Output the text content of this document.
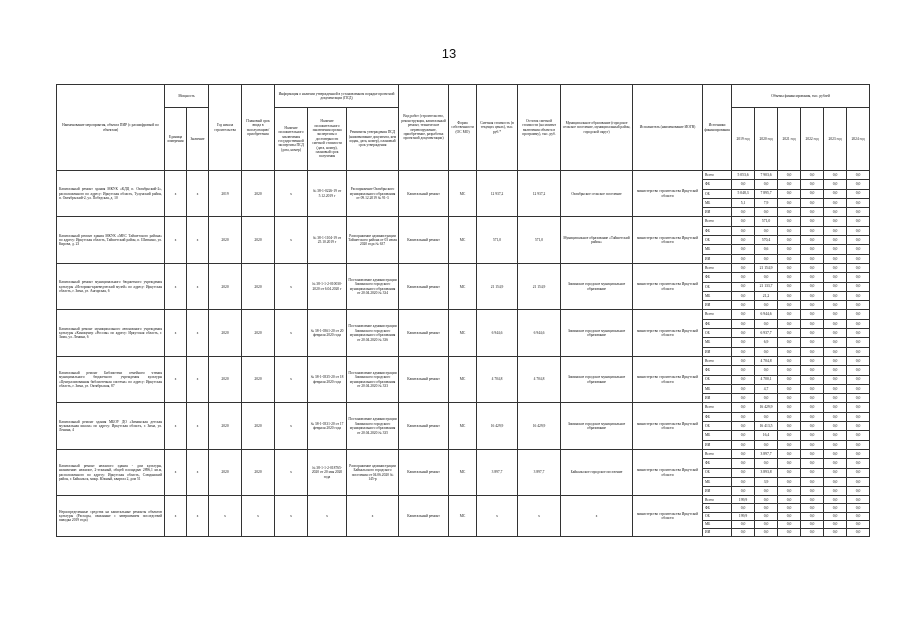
13
Наименование мероприятия, объекта ПИР (с расшифровкой по объектам)	Мощность		Год начала строительства	Плановый срок ввода в эксплуатацию/ приобретения	Информация о наличии утвержденной в установленном порядке проектной документации (ПСД)			Вид работ (строительство, реконструкция, капитальный ремонт, техническое перевооружение, приобретение, разработка проектной документации)	Форма собственности (ОС МО)	Сметная стоимость (в текущих ценах), тыс. руб.*	Остаток сметной стоимости (на момент включения объекта в программу), тыс. руб.	Муниципальное образование (городское сельское поселение, муниципальный район, городской округ)	Исполнитель (наименование ИОГВ)	Источники финансирования	Объемы финансирования, тыс. рублей					
	Единица измерения	Значение			Наличие положительного заключения государственной экспертизы ПСД (дата, номер)	Наличие положительного заключения органа экспертизы о достоверности сметной стоимости (дата, номер), плановый срок получения	Реквизиты утверждения ПСД (наименование документа, кем издан, дата, номер), плановый срок утверждения								2019 год	2020 год	2021 год	2022 год	2023 год	2024 год
Капитальный ремонт здания МКУК «КДЦ п. Октябрьский-2», расположенного по адресу: Иркутская область, Тулунский район, п. Октябрьский-2, ул. Победская, д. 10	х	х	2019	2020	х	№ 38-1-0226-19 от 5.12.2019 г	Распоряжение Октябрьского муниципального образования от 09.12.2019 № 91-3	Капитальный ремонт	МС	12 937,2	12 937,2	Октябрьское сельское поселение	министерство строительства Иркутской области	Всего	5 053,6	7 903,6	0,0	0,0	0,0	0,0
														ФБ	0,0	0,0	0,0	0,0	0,0	0,0
														ОБ	5 048,3	7 895,7	0,0	0,0	0,0	0,0
														МБ	5,1	7,9	0,0	0,0	0,0	0,0
														ИИ	0,0	0,0	0,0	0,0	0,0	0,0
Капитальный ремонт здания МКУК «МЕС Тайшетского района» по адресу: Иркутская область, Тайшетский район, п. Шиткино, ул. Кирова, д. 23	х	х	2020	2020	х	№ 38-1-1104-19 от 25.10.2019 г	Распоряжение администрации Тайшетского района от 03 июля 2020 года № 637	Капитальный ремонт	МС	571,0	571,0	Муниципальное образование «Тайшетский район»	министерство строительства Иркутской области	Всего	0,0	571,0	0,0	0,0	0,0	0,0
														ФБ	0,0	0,0	0,0	0,0	0,0	0,0
														ОБ	0,0	570,4	0,0	0,0	0,0	0,0
														МБ	0,0	0,6	0,0	0,0	0,0	0,0
														ИИ	0,0	0,0	0,0	0,0	0,0	0,0
Капитальный ремонт муниципального бюджетного учреждения культуры «Историко-краеведческий музей» по адресу: Иркутская область, г. Зима, ул. Ангарская, 6	х	х	2020	2020	х	№ 38-1-1-2-010030-2020 от 6.04.2020 г	Постановление администрации Зиминского городского муниципального образования от 20.04.2020 № 334	Капитальный ремонт	МС	21 154,9	21 154,9	Зиминское городское муниципальное образование	министерство строительства Иркутской области	Всего	0,0	21 154,9	0,0	0,0	0,0	0,0
														ФБ	0,0	0,0	0,0	0,0	0,0	0,0
														ОБ	0,0	21 133,7	0,0	0,0	0,0	0,0
														МБ	0,0	21,2	0,0	0,0	0,0	0,0
														ИИ	0,0	0,0	0,0	0,0	0,0	0,0
Капитальный ремонт муниципального автономного учреждения культуры «Киноцентр «Россия» по адресу: Иркутская область, г. Зима, ул. Ленина, 6	х	х	2020	2020	х	№ 38-1-0361-20 от 20 февраля 2020 года	Постановление администрации Зиминского городского муниципального образования от 20.04.2020 № 336	Капитальный ремонт	МС	6 944,6	6 944,6	Зиминское городское муниципальное образование	министерство строительства Иркутской области	Всего	0,0	6 944,6	0,0	0,0	0,0	0,0
														ФБ	0,0	0,0	0,0	0,0	0,0	0,0
														ОБ	0,0	6 937,7	0,0	0,0	0,0	0,0
														МБ	0,0	6,9	0,0	0,0	0,0	0,0
														ИИ	0,0	0,0	0,0	0,0	0,0	0,0
Капитальный ремонт Библиотеки семейного чтения муниципального бюджетного учреждения культуры «Централизованная библиотечная система» по адресу: Иркутская область, г. Зима, ул. Октябрьская, 87	х	х	2020	2020	х	№ 38-1-0335-20 от 18 февраля 2020 года	Постановление администрации Зиминского городского муниципального образования от 20.04.2020 № 333	Капитальный ремонт	МС	4 704,8	4 704,8	Зиминское городское муниципальное образование	министерство строительства Иркутской области	Всего	0,0	4 704,8	0,0	0,0	0,0	0,0
														ФБ	0,0	0,0	0,0	0,0	0,0	0,0
														ОБ	0,0	4 700,1	0,0	0,0	0,0	0,0
														МБ	0,0	4,7	0,0	0,0	0,0	0,0
														ИИ	0,0	0,0	0,0	0,0	0,0	0,0
Капитальный ремонт здания МБОУ ДО «Зиминская детская музыкальная школа» по адресу: Иркутская область, г. Зима, ул. Ленина, 4	х	х	2020	2020	х	№ 38-1-0331-20 от 17 февраля 2020 года	Постановление администрации Зиминского городского муниципального образования от 20.04.2020 № 335	Капитальный ремонт	МС	16 429,9	16 429,9	Зиминское городское муниципальное образование	министерство строительства Иркутской области	Всего	0,0	16 429,9	0,0	0,0	0,0	0,0
														ФБ	0,0	0,0	0,0	0,0	0,0	0,0
														ОБ	0,0	16 413,5	0,0	0,0	0,0	0,0
														МБ	0,0	16,4	0,0	0,0	0,0	0,0
														ИИ	0,0	0,0	0,0	0,0	0,0	0,0
Капитальный ремонт нежилого здания - дом культуры, назначение: нежилое, 2-этажный, общей площадью 2896,1 кв.м, расположенного по адресу: Иркутская область, Слюдянский район, г. Байкальск, микр. Южный, квартал 2, дом 51	х	х	2020	2020	х	№ 38-1-1-2-018765-2020 от 20 мая 2020 года	Распоряжение администрации Байкальского городского поселения от 04.06.2020 № 145-р	Капитальный ремонт	МС	3 897,7	3 897,7	Байкальское городское поселение	министерство строительства Иркутской области	Всего	0,0	3 897,7	0,0	0,0	0,0	0,0
														ФБ	0,0	0,0	0,0	0,0	0,0	0,0
														ОБ	0,0	3 893,8	0,0	0,0	0,0	0,0
														МБ	0,0	3,9	0,0	0,0	0,0	0,0
														ИИ	0,0	0,0	0,0	0,0	0,0	0,0
Нераспределенные средства на капитальные ремонты объектов культуры (Расходы, связанные с завершением последствий паводка 2019 года)	х	х	х	х	х	х	х	Капитальный ремонт	МС	х	х	х	министерство строительства Иркутской области	Всего	199,9	0,0	0,0	0,0	0,0	0,0
														ФБ	0,0	0,0	0,0	0,0	0,0	0,0
														ОБ	199,9	0,0	0,0	0,0	0,0	0,0
														МБ	0,0	0,0	0,0	0,0	0,0	0,0
														ИИ	0,0	0,0	0,0	0,0	0,0	0,0
